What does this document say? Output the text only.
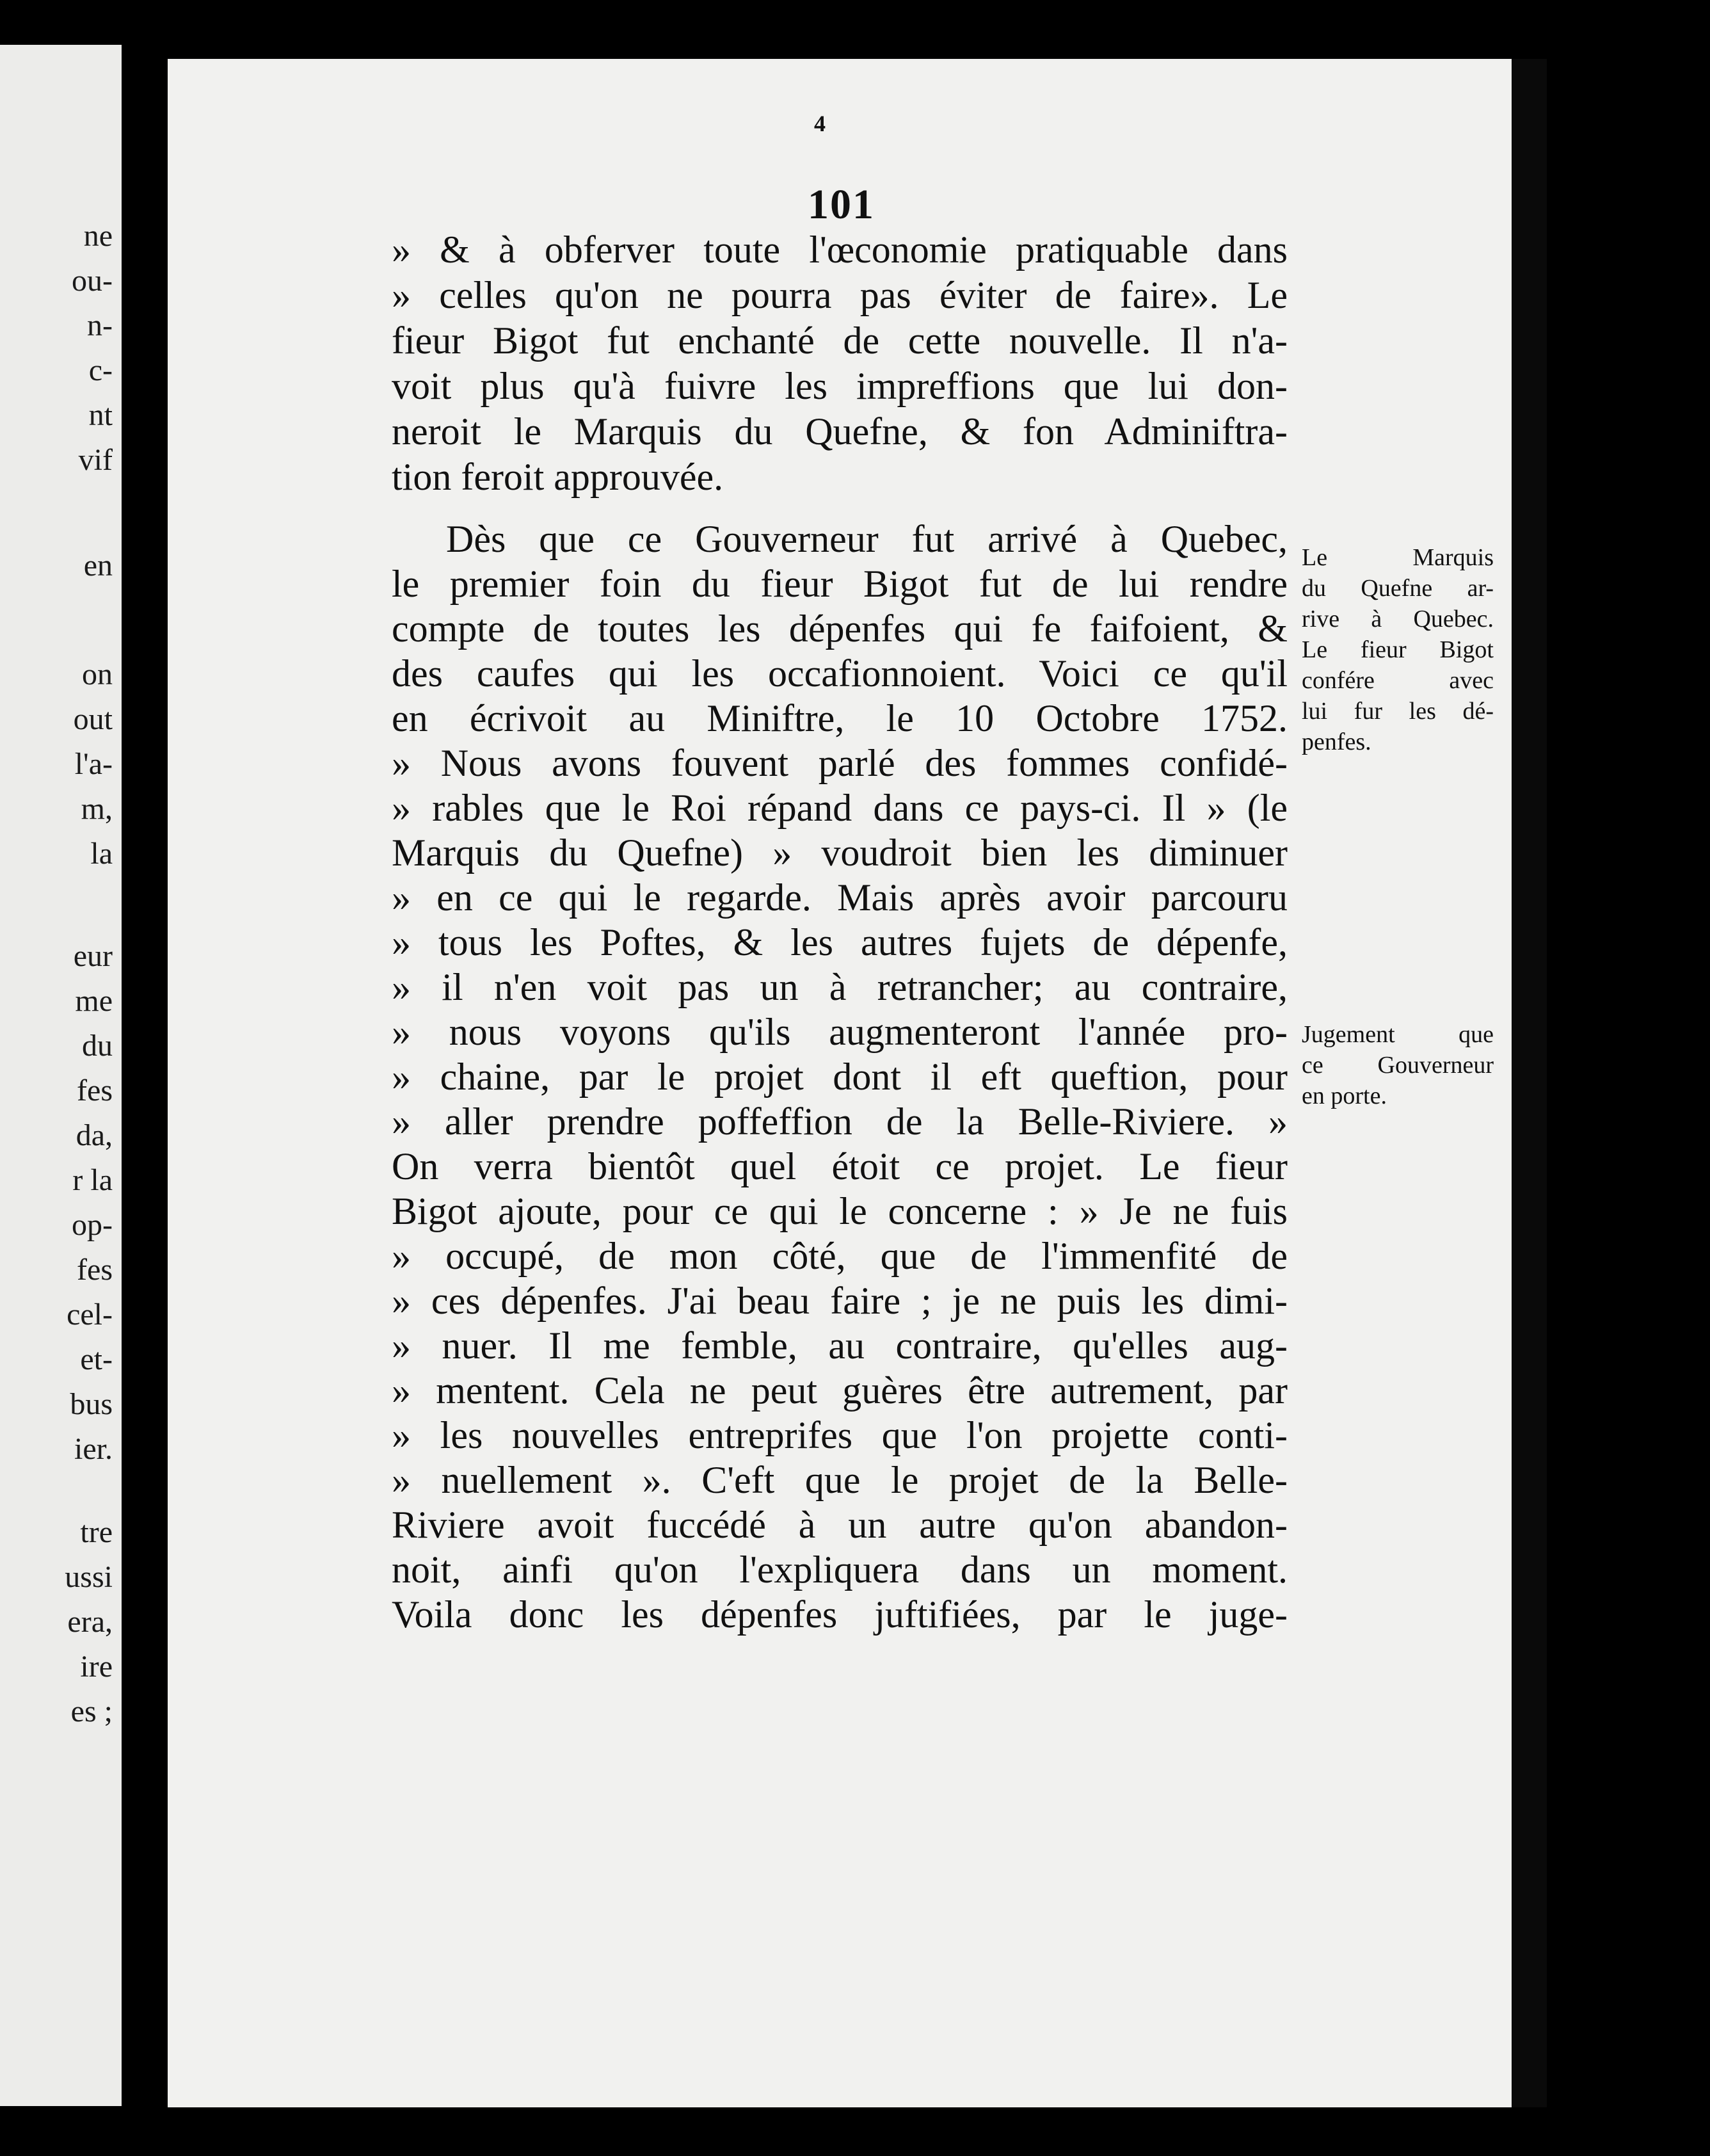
ne
ou-
n-
c-
nt
vif
en
on
out
l'a-
m,
la
eur
me
du
fes
da,
r la
op-
fes
cel-
et-
bus
ier.
tre
ussi
era,
ire
es ;
4
101
» & à obferver toute l'œconomie pratiquable dans
» celles qu'on ne pourra pas éviter de faire». Le
fieur Bigot fut enchanté de cette nouvelle. Il n'a-
voit plus qu'à fuivre les impreffions que lui don-
neroit le Marquis du Quefne, & fon Adminiftra-
tion feroit approuvée.
Dès que ce Gouverneur fut arrivé à Quebec,
le premier foin du fieur Bigot fut de lui rendre
compte de toutes les dépenfes qui fe faifoient, &
des caufes qui les occafionnoient. Voici ce qu'il
en écrivoit au Miniftre, le 10 Octobre 1752.
» Nous avons fouvent parlé des fommes confidé-
» rables que le Roi répand dans ce pays-ci. Il » (le
Marquis du Quefne) » voudroit bien les diminuer
» en ce qui le regarde. Mais après avoir parcouru
» tous les Poftes, & les autres fujets de dépenfe,
» il n'en voit pas un à retrancher; au contraire,
» nous voyons qu'ils augmenteront l'année pro-
» chaine, par le projet dont il eft queftion, pour
» aller prendre poffeffion de la Belle-Riviere. »
On verra bientôt quel étoit ce projet. Le fieur
Bigot ajoute, pour ce qui le concerne : » Je ne fuis
» occupé, de mon côté, que de l'immenfité de
» ces dépenfes. J'ai beau faire ; je ne puis les dimi-
» nuer. Il me femble, au contraire, qu'elles aug-
» mentent. Cela ne peut guères être autrement, par
» les nouvelles entreprifes que l'on projette conti-
» nuellement ». C'eft que le projet de la Belle-
Riviere avoit fuccédé à un autre qu'on abandon-
noit, ainfi qu'on l'expliquera dans un moment.
Voila donc les dépenfes juftifiées, par le juge-
Le Marquis
du Quefne ar-
rive à Quebec.
Le fieur Bigot
confére avec
lui fur les dé-
penfes.
Jugement que
ce Gouverneur
en porte.
